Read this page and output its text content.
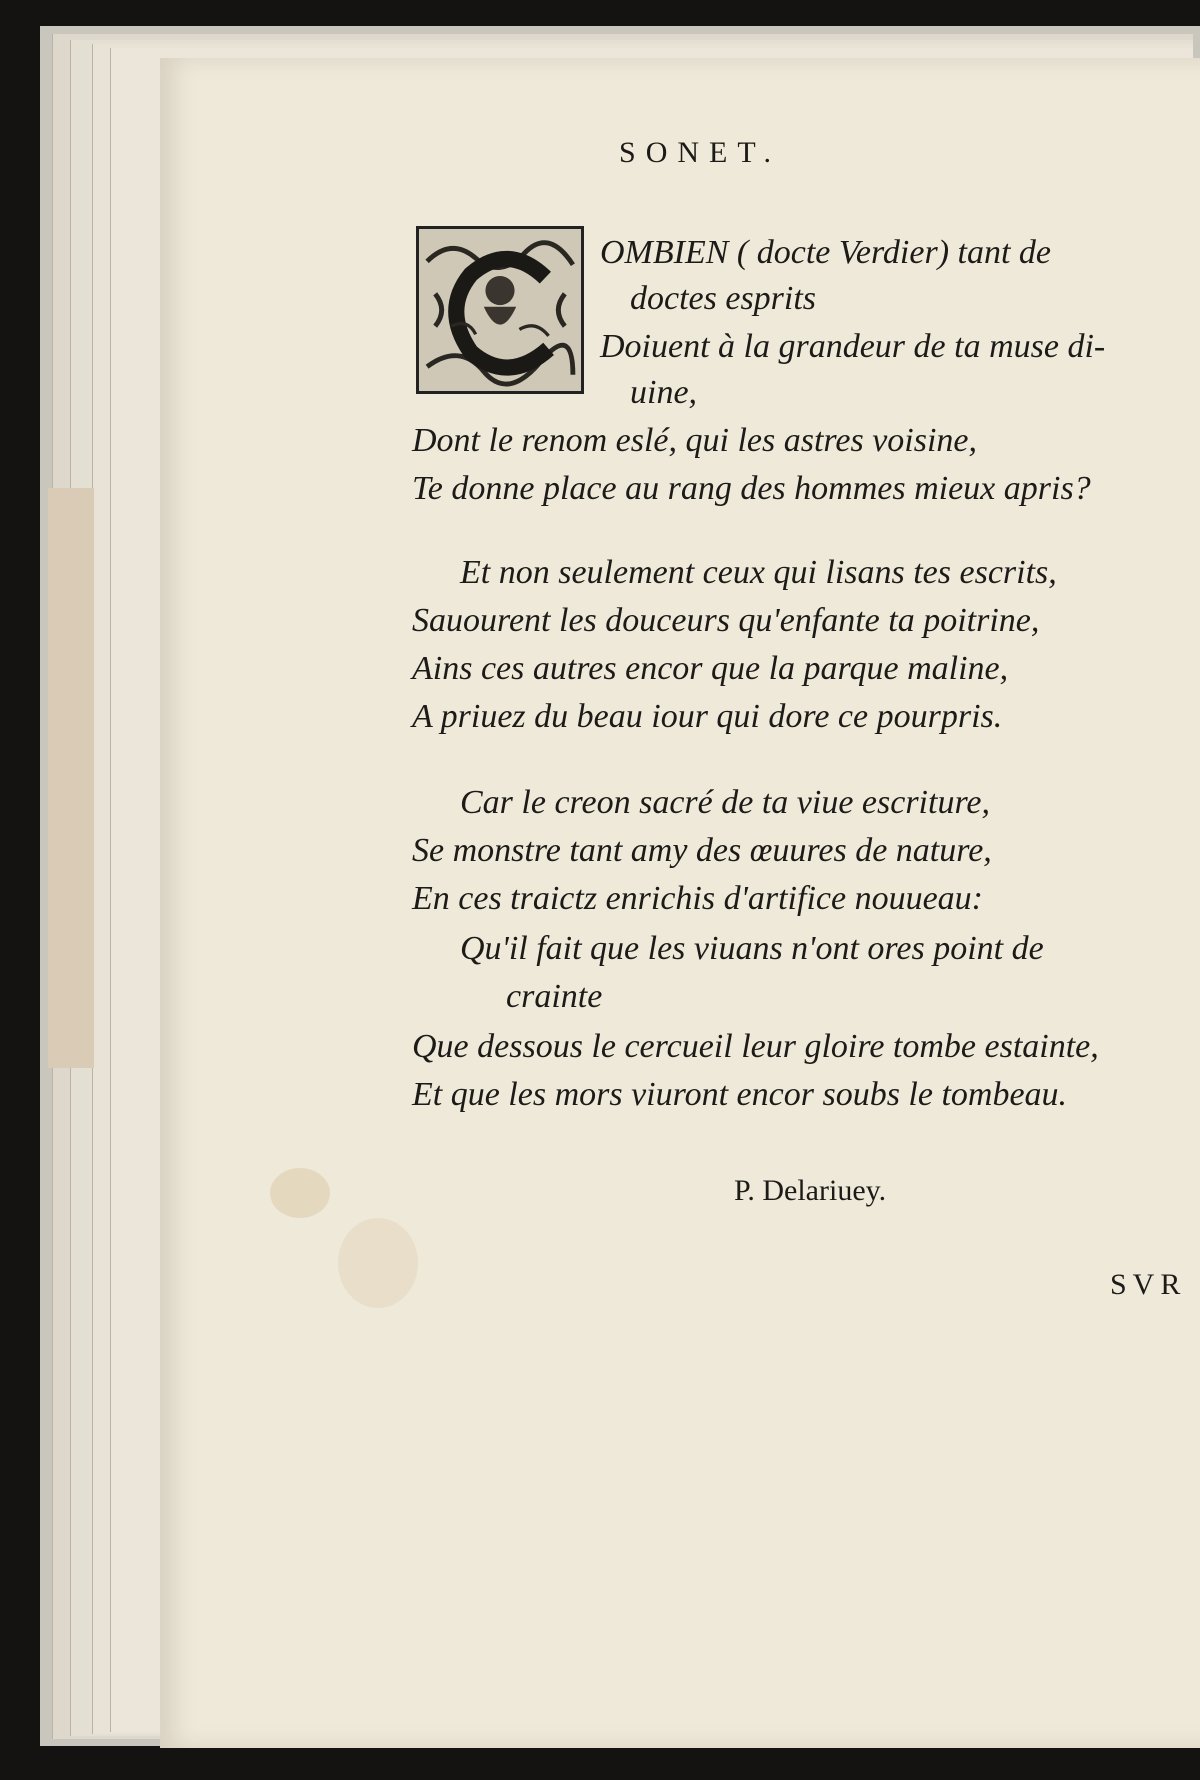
SONET.
OMBIEN ( docte Verdier) tant de
doctes esprits
Doiuent à la grandeur de ta muse di-
uine,
Dont le renom eslé, qui les astres voisine,
Te donne place au rang des hommes mieux apris?
Et non seulement ceux qui lisans tes escrits,
Sauourent les douceurs qu'enfante ta poitrine,
Ains ces autres encor que la parque maline,
A priuez du beau iour qui dore ce pourpris.
Car le creon sacré de ta viue escriture,
Se monstre tant amy des œuures de nature,
En ces traictz enrichis d'artifice nouueau:
Qu'il fait que les viuans n'ont ores point de
crainte
Que dessous le cercueil leur gloire tombe estainte,
Et que les mors viuront encor soubs le tombeau.
P. Delariuey.
SVR
